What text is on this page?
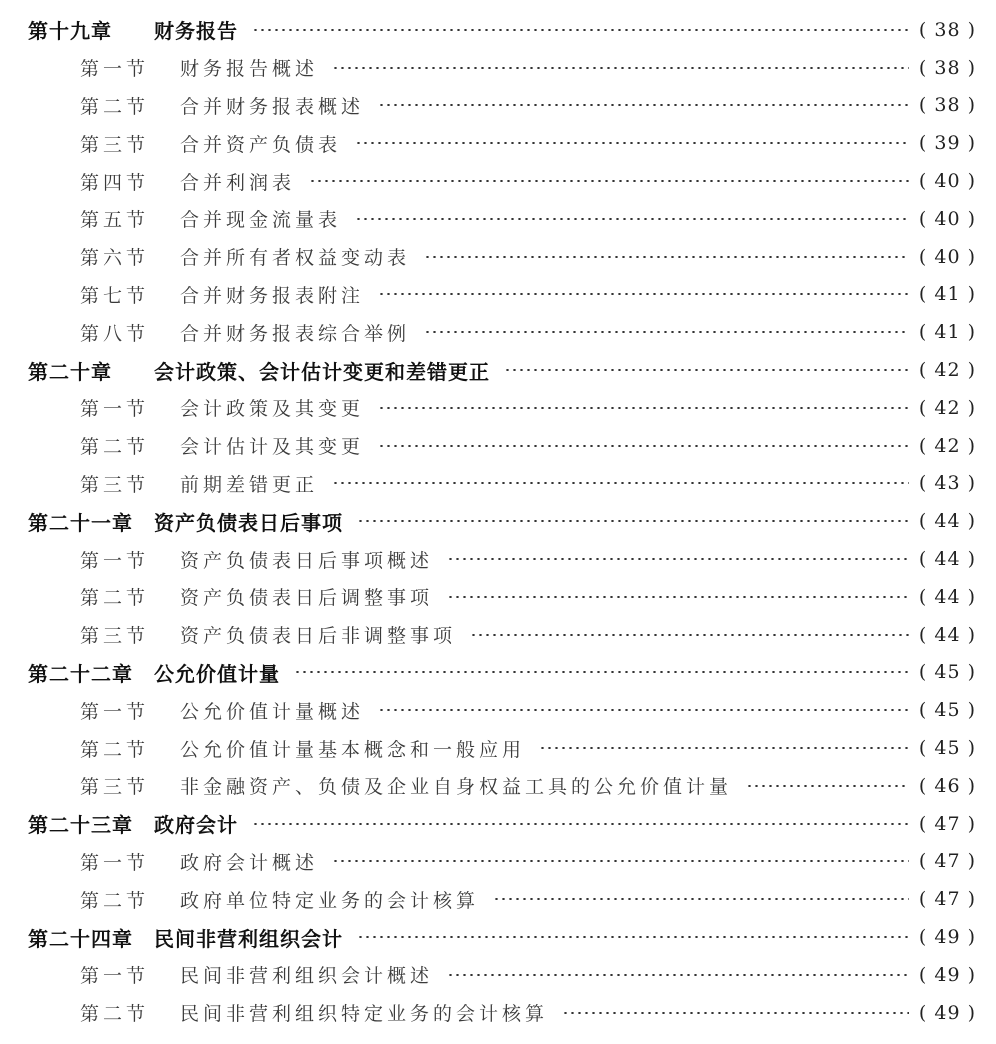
第十九章	财务报告	( 38 )
第一节	财务报告概述	( 38 )
第二节	合并财务报表概述	( 38 )
第三节	合并资产负债表	( 39 )
第四节	合并利润表	( 40 )
第五节	合并现金流量表	( 40 )
第六节	合并所有者权益变动表	( 40 )
第七节	合并财务报表附注	( 41 )
第八节	合并财务报表综合举例	( 41 )
第二十章	会计政策、会计估计变更和差错更正	( 42 )
第一节	会计政策及其变更	( 42 )
第二节	会计估计及其变更	( 42 )
第三节	前期差错更正	( 43 )
第二十一章	资产负债表日后事项	( 44 )
第一节	资产负债表日后事项概述	( 44 )
第二节	资产负债表日后调整事项	( 44 )
第三节	资产负债表日后非调整事项	( 44 )
第二十二章	公允价值计量	( 45 )
第一节	公允价值计量概述	( 45 )
第二节	公允价值计量基本概念和一般应用	( 45 )
第三节	非金融资产、负债及企业自身权益工具的公允价值计量	( 46 )
第二十三章	政府会计	( 47 )
第一节	政府会计概述	( 47 )
第二节	政府单位特定业务的会计核算	( 47 )
第二十四章	民间非营利组织会计	( 49 )
第一节	民间非营利组织会计概述	( 49 )
第二节	民间非营利组织特定业务的会计核算	( 49 )
